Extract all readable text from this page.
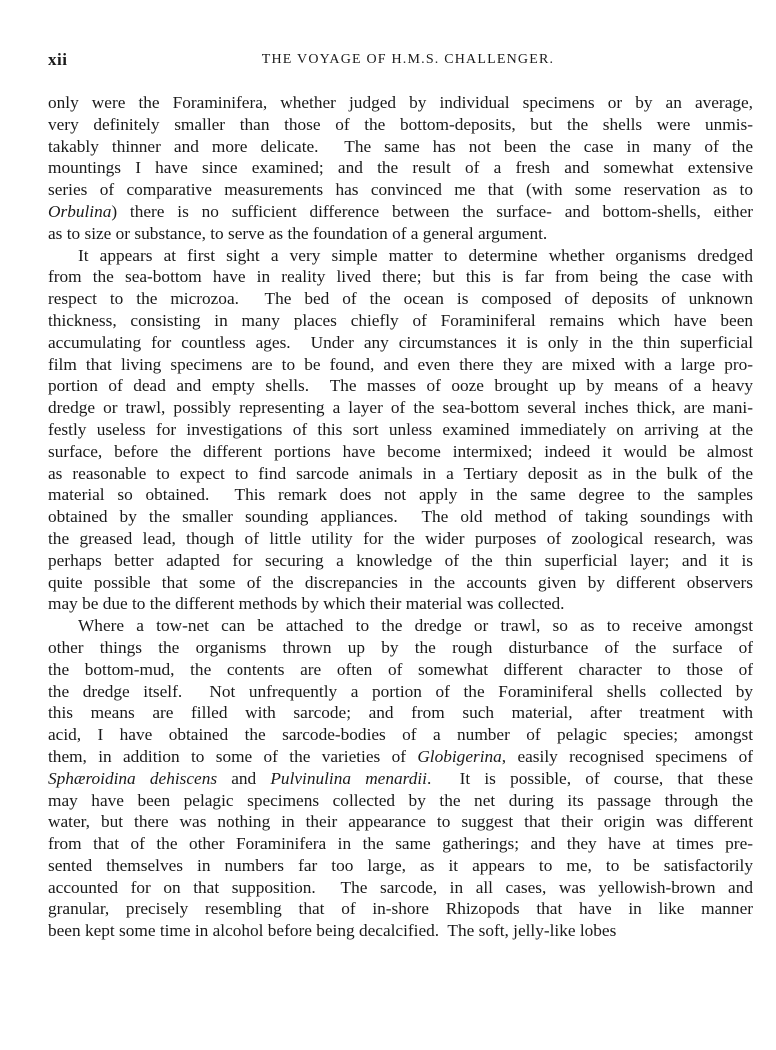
xii	THE VOYAGE OF H.M.S. CHALLENGER.
only were the Foraminifera, whether judged by individual specimens or by an average,
very definitely smaller than those of the bottom-deposits, but the shells were unmis-
takably thinner and more delicate.  The same has not been the case in many of the
mountings I have since examined; and the result of a fresh and somewhat extensive
series of comparative measurements has convinced me that (with some reservation as to
Orbulina) there is no sufficient difference between the surface- and bottom-shells, either
as to size or substance, to serve as the foundation of a general argument.
It appears at first sight a very simple matter to determine whether organisms dredged
from the sea-bottom have in reality lived there; but this is far from being the case with
respect to the microzoa.  The bed of the ocean is composed of deposits of unknown
thickness, consisting in many places chiefly of Foraminiferal remains which have been
accumulating for countless ages.  Under any circumstances it is only in the thin superficial
film that living specimens are to be found, and even there they are mixed with a large pro-
portion of dead and empty shells.  The masses of ooze brought up by means of a heavy
dredge or trawl, possibly representing a layer of the sea-bottom several inches thick, are mani-
festly useless for investigations of this sort unless examined immediately on arriving at the
surface, before the different portions have become intermixed; indeed it would be almost
as reasonable to expect to find sarcode animals in a Tertiary deposit as in the bulk of the
material so obtained.  This remark does not apply in the same degree to the samples
obtained by the smaller sounding appliances.  The old method of taking soundings with
the greased lead, though of little utility for the wider purposes of zoological research, was
perhaps better adapted for securing a knowledge of the thin superficial layer; and it is
quite possible that some of the discrepancies in the accounts given by different observers
may be due to the different methods by which their material was collected.
Where a tow-net can be attached to the dredge or trawl, so as to receive amongst
other things the organisms thrown up by the rough disturbance of the surface of
the bottom-mud, the contents are often of somewhat different character to those of
the dredge itself.  Not unfrequently a portion of the Foraminiferal shells collected by
this means are filled with sarcode; and from such material, after treatment with
acid, I have obtained the sarcode-bodies of a number of pelagic species; amongst
them, in addition to some of the varieties of Globigerina, easily recognised specimens of
Sphæroidina dehiscens and Pulvinulina menardii.  It is possible, of course, that these
may have been pelagic specimens collected by the net during its passage through the
water, but there was nothing in their appearance to suggest that their origin was different
from that of the other Foraminifera in the same gatherings; and they have at times pre-
sented themselves in numbers far too large, as it appears to me, to be satisfactorily
accounted for on that supposition.  The sarcode, in all cases, was yellowish-brown and
granular, precisely resembling that of in-shore Rhizopods that have in like manner
been kept some time in alcohol before being decalcified.  The soft, jelly-like lobes
